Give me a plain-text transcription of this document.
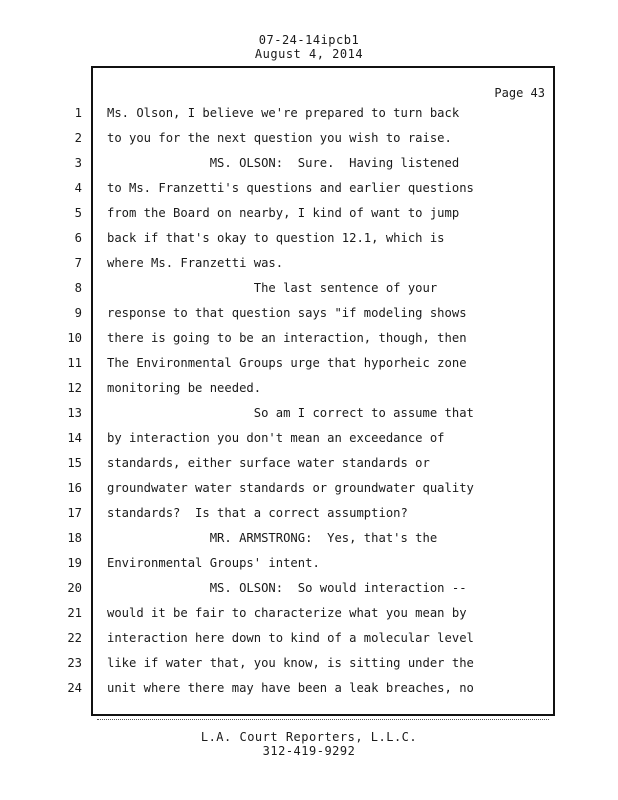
07-24-14ipcb1
August 4, 2014
Page 43
1 Ms. Olson, I believe we're prepared to turn back
2 to you for the next question you wish to raise.
3 MS. OLSON:  Sure.  Having listened
4 to Ms. Franzetti's questions and earlier questions
5 from the Board on nearby, I kind of want to jump
6 back if that's okay to question 12.1, which is
7 where Ms. Franzetti was.
8 The last sentence of your
9 response to that question says "if modeling shows
10 there is going to be an interaction, though, then
11 The Environmental Groups urge that hyporheic zone
12 monitoring be needed.
13 So am I correct to assume that
14 by interaction you don't mean an exceedance of
15 standards, either surface water standards or
16 groundwater water standards or groundwater quality
17 standards?  Is that a correct assumption?
18 MR. ARMSTRONG:  Yes, that's the
19 Environmental Groups' intent.
20 MS. OLSON:  So would interaction --
21 would it be fair to characterize what you mean by
22 interaction here down to kind of a molecular level
23 like if water that, you know, is sitting under the
24 unit where there may have been a leak breaches, no
L.A. Court Reporters, L.L.C.
312-419-9292
